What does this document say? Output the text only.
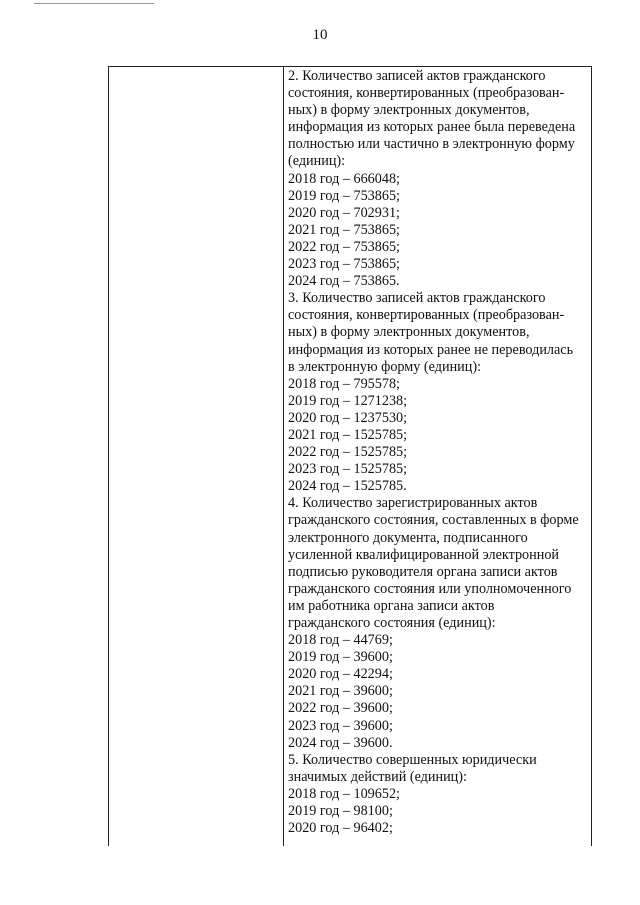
10
2. Количество записей актов гражданского
состояния, конвертированных (преобразован-
ных) в форму электронных документов,
информация из которых ранее была переведена
полностью или частично в электронную форму
(единиц):
2018 год – 666048;
2019 год – 753865;
2020 год – 702931;
2021 год – 753865;
2022 год – 753865;
2023 год – 753865;
2024 год – 753865.
3. Количество записей актов гражданского
состояния, конвертированных (преобразован-
ных) в форму электронных документов,
информация из которых ранее не переводилась
в электронную форму (единиц):
2018 год – 795578;
2019 год – 1271238;
2020 год – 1237530;
2021 год – 1525785;
2022 год – 1525785;
2023 год – 1525785;
2024 год – 1525785.
4. Количество зарегистрированных актов
гражданского состояния, составленных в форме
электронного документа, подписанного
усиленной квалифицированной электронной
подписью руководителя органа записи актов
гражданского состояния или уполномоченного
им работника органа записи актов
гражданского состояния (единиц):
2018 год – 44769;
2019 год – 39600;
2020 год – 42294;
2021 год – 39600;
2022 год – 39600;
2023 год – 39600;
2024 год – 39600.
5. Количество совершенных юридически
значимых действий (единиц):
2018 год – 109652;
2019 год – 98100;
2020 год – 96402;
